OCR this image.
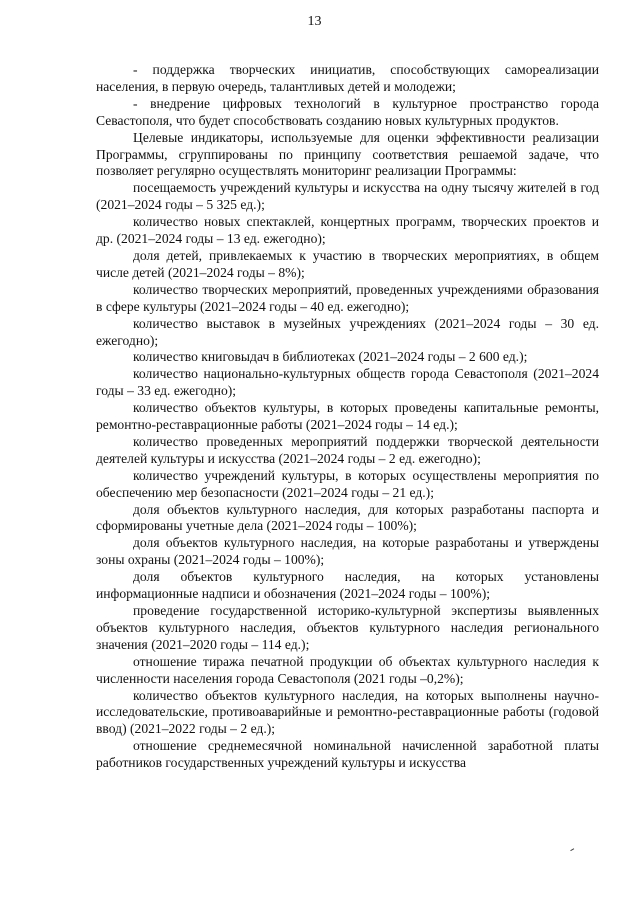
13

- поддержка творческих инициатив, способствующих самореализации населения, в первую очередь, талантливых детей и молодежи;

- внедрение цифровых технологий в культурное пространство города Севастополя, что будет способствовать созданию новых культурных продуктов.

Целевые индикаторы, используемые для оценки эффективности реализации Программы, сгруппированы по принципу соответствия решаемой задаче, что позволяет регулярно осуществлять мониторинг реализации Программы:

посещаемость учреждений культуры и искусства на одну тысячу жителей в год (2021–2024 годы – 5 325 ед.);

количество новых спектаклей, концертных программ, творческих проектов и др. (2021–2024 годы – 13 ед. ежегодно);

доля детей, привлекаемых к участию в творческих мероприятиях, в общем числе детей (2021–2024 годы – 8%);

количество творческих мероприятий, проведенных учреждениями образования в сфере культуры (2021–2024 годы – 40 ед. ежегодно);

количество выставок в музейных учреждениях (2021–2024 годы – 30 ед. ежегодно);

количество книговыдач в библиотеках (2021–2024 годы – 2 600 ед.);

количество национально-культурных обществ города Севастополя (2021–2024 годы – 33 ед. ежегодно);

количество объектов культуры, в которых проведены капитальные ремонты, ремонтно-реставрационные работы (2021–2024 годы – 14 ед.);

количество проведенных мероприятий поддержки творческой деятельности деятелей культуры и искусства (2021–2024 годы – 2 ед. ежегодно);

количество учреждений культуры, в которых осуществлены мероприятия по обеспечению мер безопасности (2021–2024 годы – 21 ед.);

доля объектов культурного наследия, для которых разработаны паспорта и сформированы учетные дела (2021–2024 годы – 100%);

доля объектов культурного наследия, на которые разработаны и утверждены зоны охраны (2021–2024 годы – 100%);

доля объектов культурного наследия, на которых установлены информационные надписи и обозначения (2021–2024 годы – 100%);

проведение государственной историко-культурной экспертизы выявленных объектов культурного наследия, объектов культурного наследия регионального значения (2021–2020 годы – 114 ед.);

отношение тиража печатной продукции об объектах культурного наследия к численности населения города Севастополя (2021 годы –0,2%);

количество объектов культурного наследия, на которых выполнены научно-исследовательские, противоаварийные и ремонтно-реставрационные работы (годовой ввод) (2021–2022 годы – 2 ед.);

отношение среднемесячной номинальной начисленной заработной платы работников государственных учреждений культуры и искусства
